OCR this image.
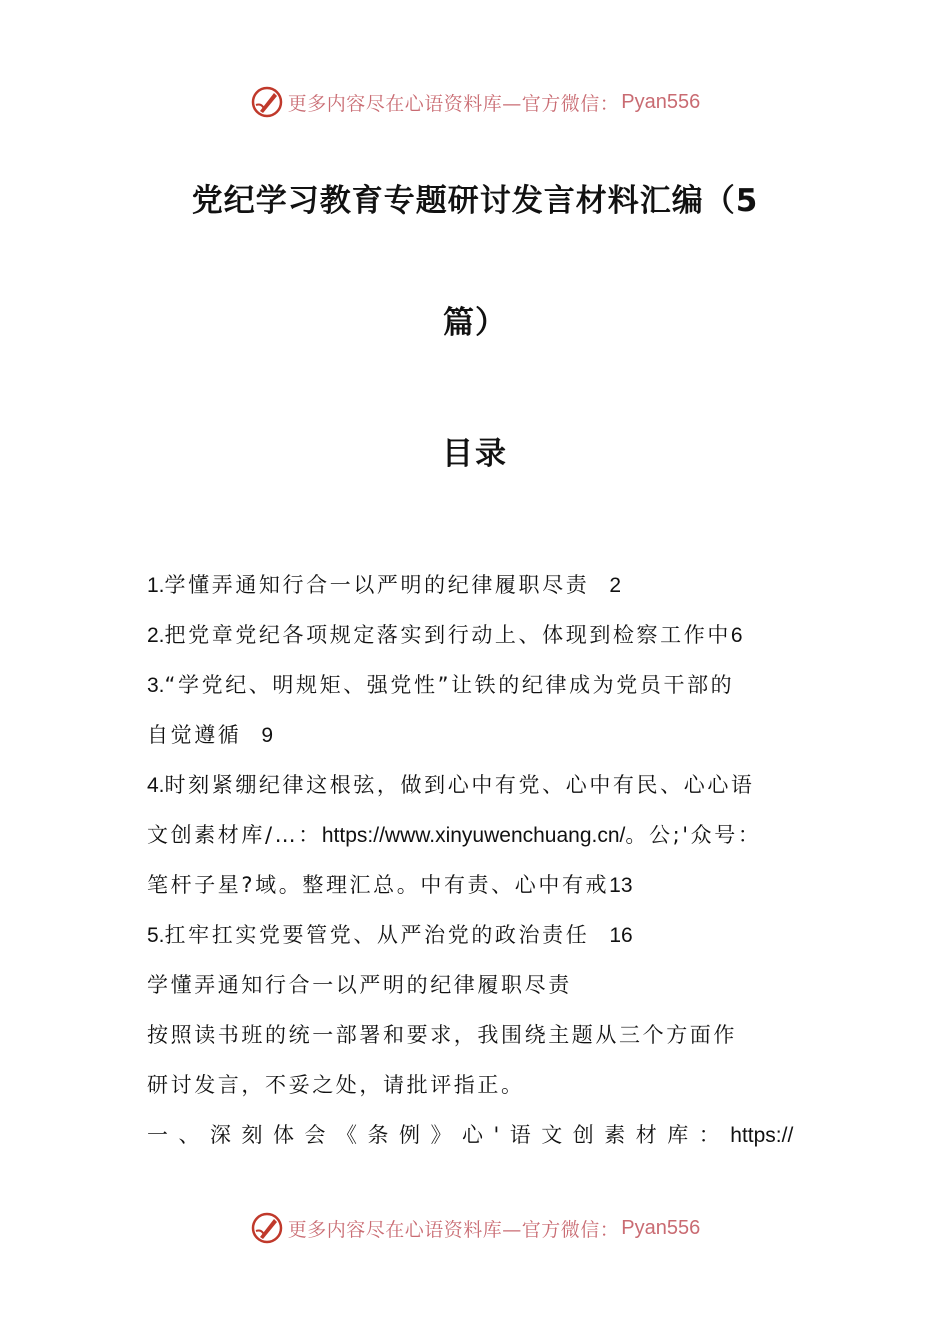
更多内容尽在心语资料库—官方微信： Pyan556
党纪学习教育专题研讨发言材料汇编（5
篇）
目录
1.学懂弄通知行合一以严明的纪律履职尽责 2
2.把党章党纪各项规定落实到行动上、体现到检察工作中6
3.“学党纪、明规矩、强党性”让铁的纪律成为党员干部的
自觉遵循 9
4.时刻紧绷纪律这根弦，做到心中有党、心中有民、心心语
文创素材库/…：https://www.xinyuwenchuang.cn/。公;'众号：
笔杆子星?域。整理汇总。中有责、心中有戒13
5.扛牢扛实党要管党、从严治党的政治责任 16
学懂弄通知行合一以严明的纪律履职尽责
按照读书班的统一部署和要求，我围绕主题从三个方面作
研讨发言，不妥之处，请批评指正。
一、深刻体会《条例》心'语文创素材库：https://
更多内容尽在心语资料库—官方微信： Pyan556
